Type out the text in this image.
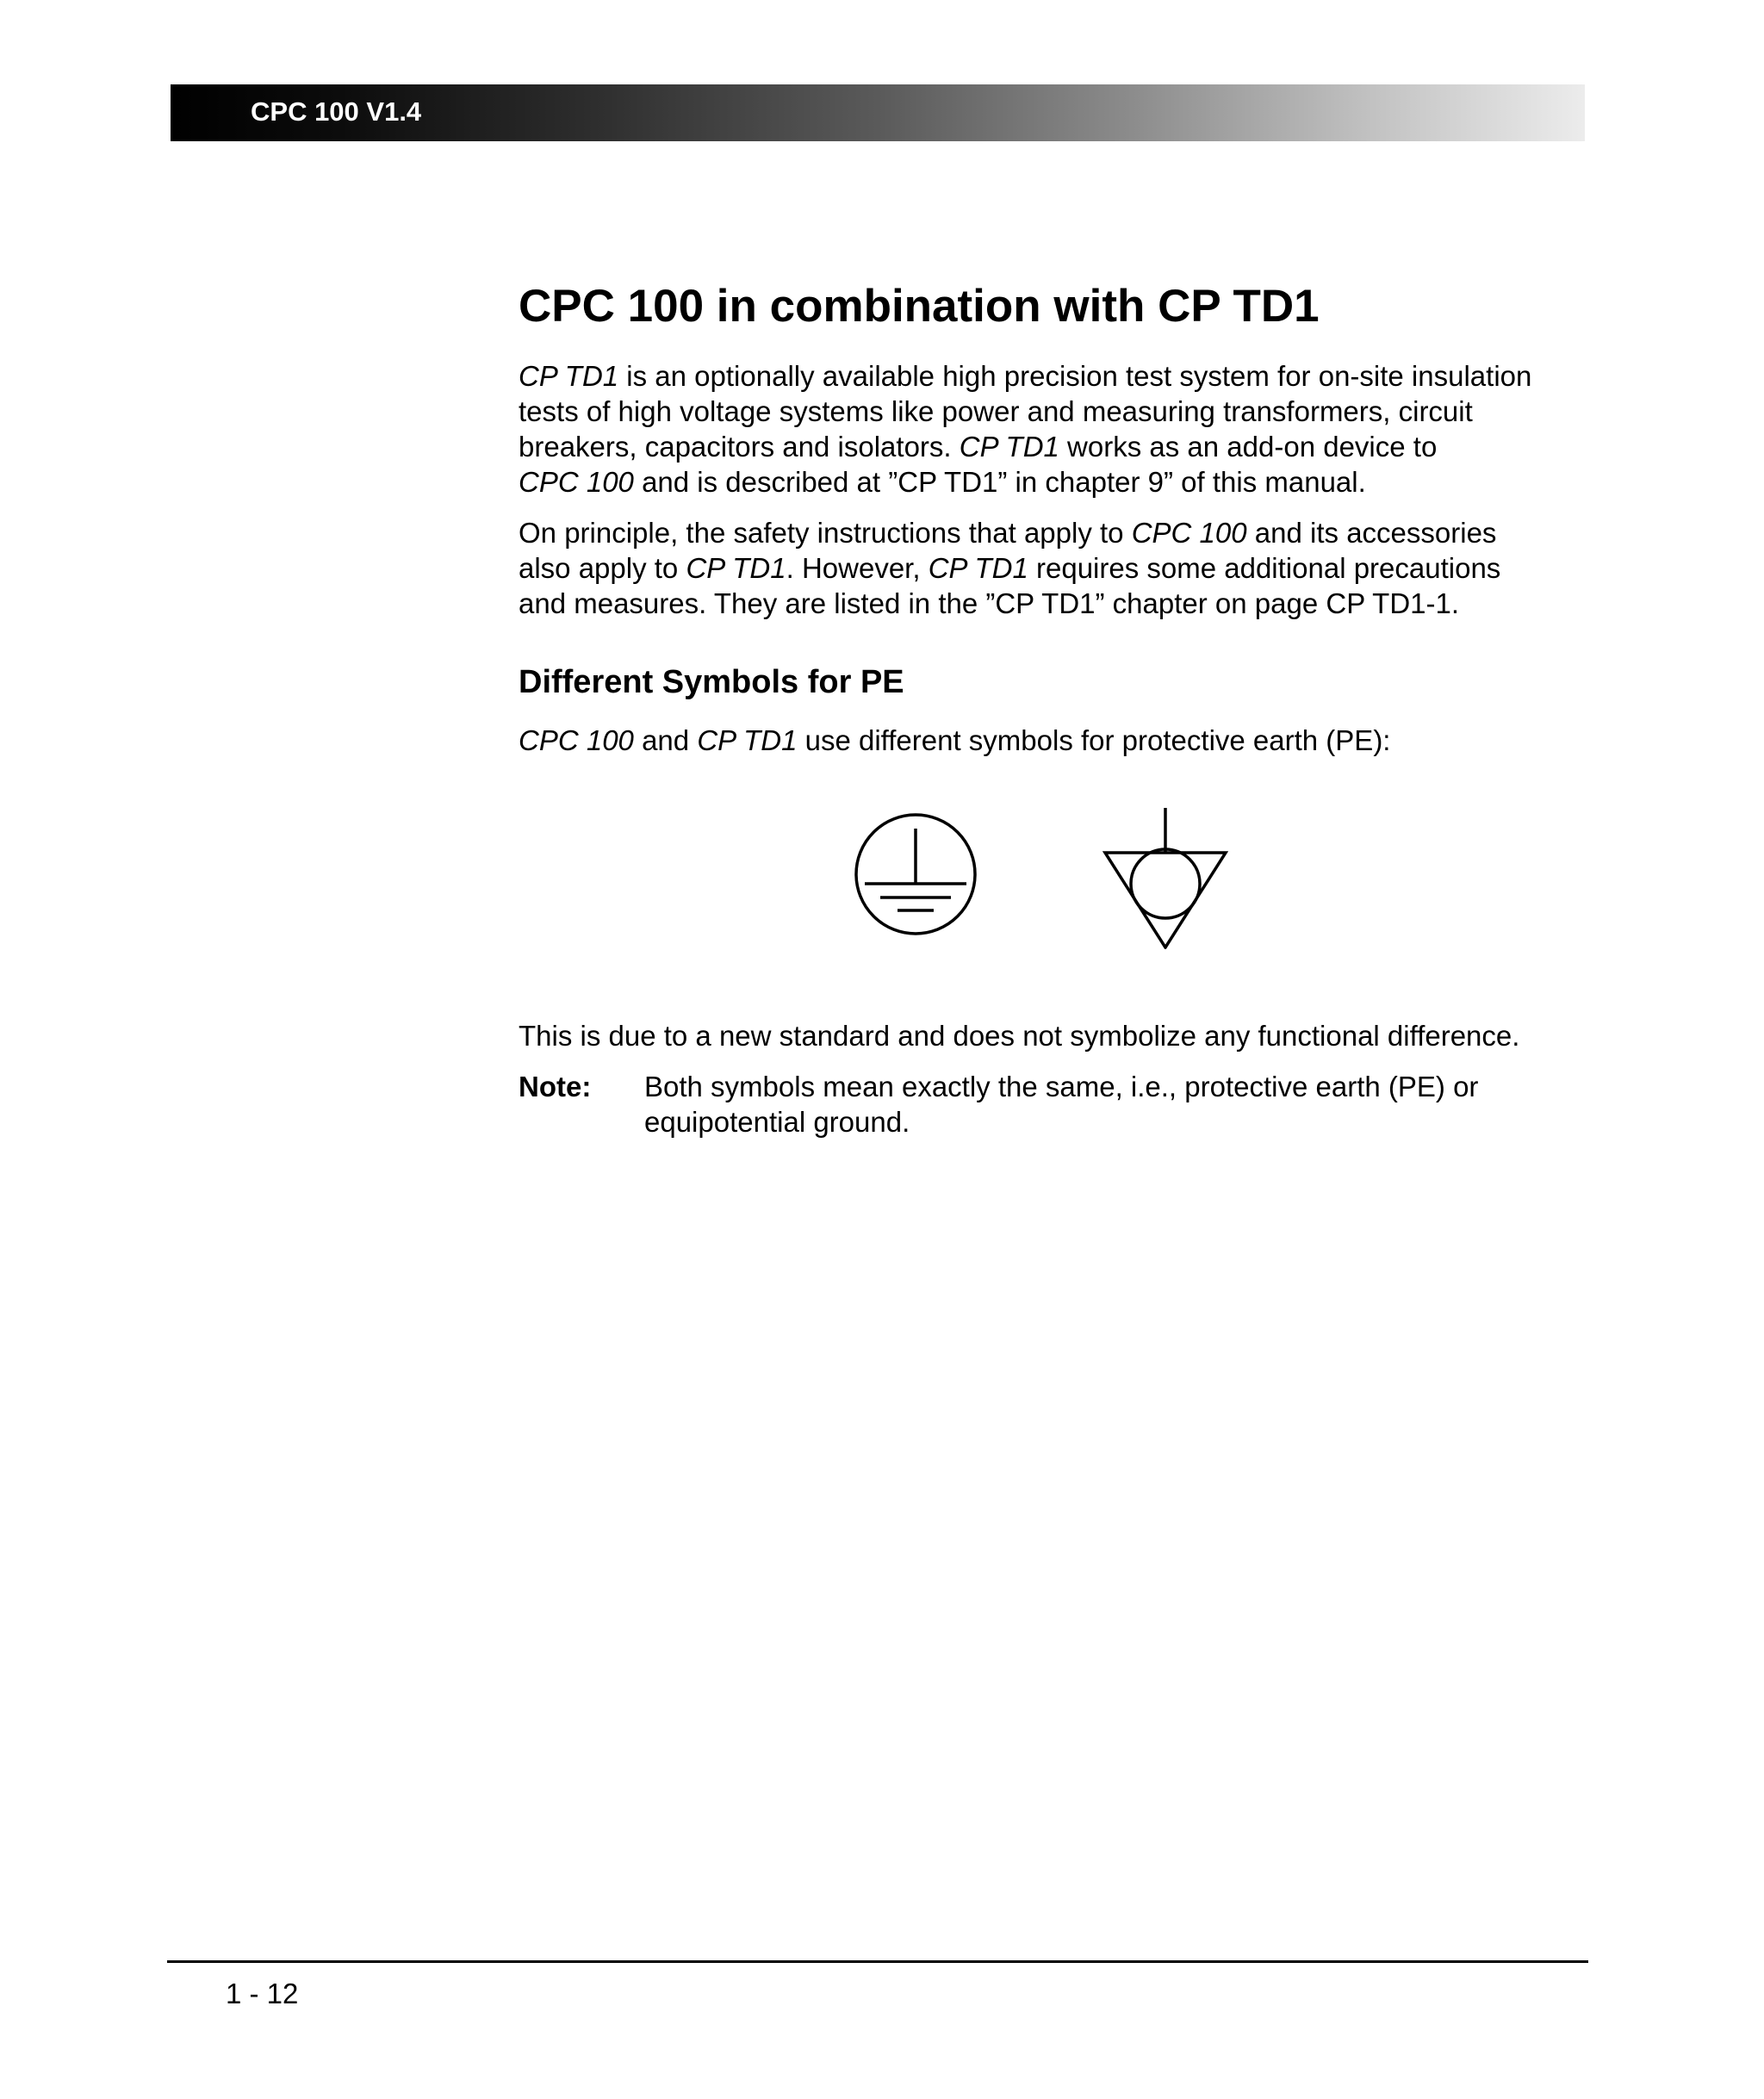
CPC 100 V1.4
CPC 100 in combination with CP TD1

CP TD1 is an optionally available high precision test system for on-site insulation tests of high voltage systems like power and measuring transformers, circuit breakers, capacitors and isolators. CP TD1 works as an add-on device to
CPC 100 and is described at ”CP TD1” in chapter 9” of this manual.

On principle, the safety instructions that apply to CPC 100 and its accessories also apply to CP TD1. However, CP TD1 requires some additional precautions and measures. They are listed in the ”CP TD1” chapter on page CP TD1-1.

Different Symbols for PE

CPC 100 and CP TD1 use different symbols for protective earth (PE):

This is due to a new standard and does not symbolize any functional difference.

Note:	Both symbols mean exactly the same, i.e., protective earth (PE) or equipotential ground.
1 - 12
